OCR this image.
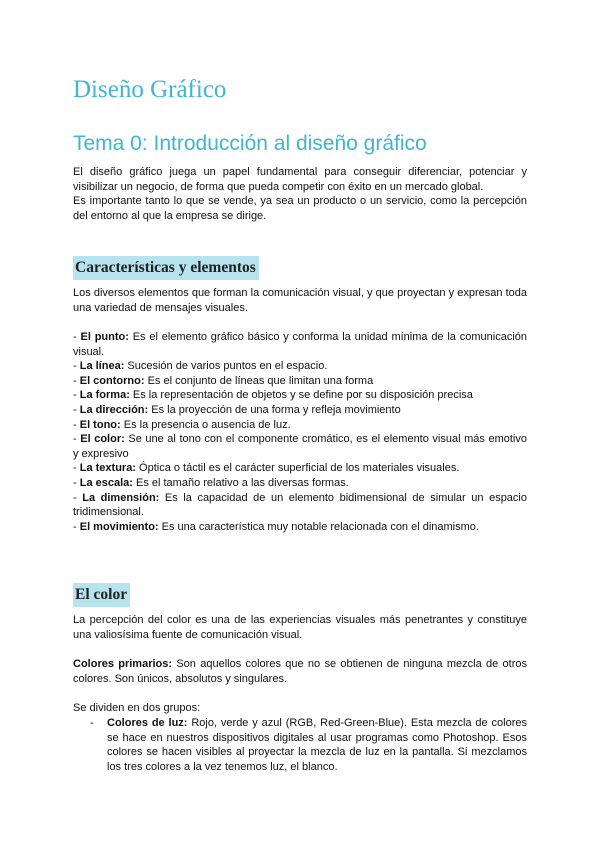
Diseño Gráfico
Tema 0: Introducción al diseño gráfico

El diseño gráfico juega un papel fundamental para conseguir diferenciar, potenciar y visibilizar un negocio, de forma que pueda competir con éxito en un mercado global.

Es importante tanto lo que se vende, ya sea un producto o un servicio, como la percepción del entorno al que la empresa se dirige.

Características y elementos

Los diversos elementos que forman la comunicación visual, y que proyectan y expresan toda una variedad de mensajes visuales.

- El punto: Es el elemento gráfico básico y conforma la unidad mínima de la comunicación visual.

- La línea: Sucesión de varios puntos en el espacio.

- El contorno: Es el conjunto de líneas que limitan una forma

- La forma: Es la representación de objetos y se define por su disposición precisa

- La dirección: Es la proyección de una forma y refleja movimiento

- El tono: Es la presencia o ausencia de luz.

- El color: Se une al tono con el componente cromático, es el elemento visual más emotivo y expresivo

- La textura: Óptica o táctil es el carácter superficial de los materiales visuales.

- La escala: Es el tamaño relativo a las diversas formas.

- La dimensión: Es la capacidad de un elemento bidimensional de simular un espacio tridimensional.

- El movimiento: Es una característica muy notable relacionada con el dinamismo.

El color

La percepción del color es una de las experiencias visuales más penetrantes y constituye una valiosísima fuente de comunicación visual.

Colores primarios: Son aquellos colores que no se obtienen de ninguna mezcla de otros colores. Son únicos, absolutos y singulares.

Se dividen en dos grupos:

- Colores de luz: Rojo, verde y azul (RGB, Red-Green-Blue). Esta mezcla de colores se hace en nuestros dispositivos digitales al usar programas como Photoshop. Esos colores se hacen visibles al proyectar la mezcla de luz en la pantalla. Si mezclamos los tres colores a la vez tenemos luz, el blanco.
